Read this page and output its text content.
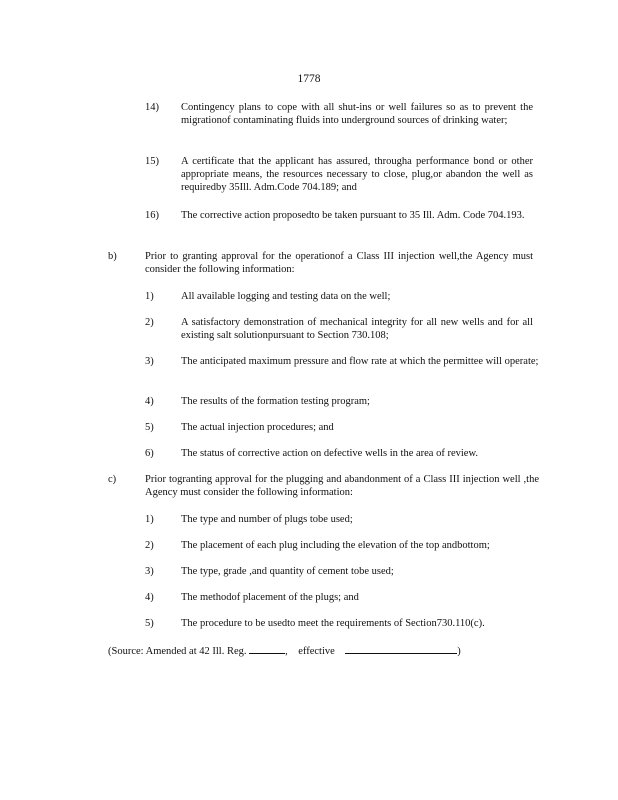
1778
14) Contingency plans to cope with all shut-ins or well failures so as to prevent the migrationof contaminating fluids into underground sources of drinking water;
15) A certificate that the applicant has assured, througha performance bond or other appropriate means, the resources necessary to close, plug,or abandon the well as requiredby 35Ill. Adm.Code 704.189; and
16) The corrective action proposedto be taken pursuant to 35 Ill. Adm. Code 704.193.
b)	Prior to granting approval for the operationof a Class III injection well,the Agency must consider the following information:
1)	All available logging and testing data on the well;
2)	A satisfactory demonstration of mechanical integrity for all new wells and for all existing salt solutionpursuant to Section 730.108;
3)	The anticipated maximum pressure and flow rate at which the permittee will operate;
4)	The results of the formation testing program;
5)	The actual injection procedures; and
6)	The status of corrective action on defective wells in the area of review.
c)	Prior togranting approval for the plugging and abandonment of a Class III injection well ,the Agency must consider the following information:
1)	The type and number of plugs tobe used;
2)	The placement of each plug including the elevation of the top andbottom;
3)	The type, grade ,and quantity of cement tobe used;
4)	The methodof placement of the plugs; and
5)	The procedure to be usedto meet the requirements of Section730.110(c).
(Source: Amended at 42 Ill. Reg.	, effective	)
